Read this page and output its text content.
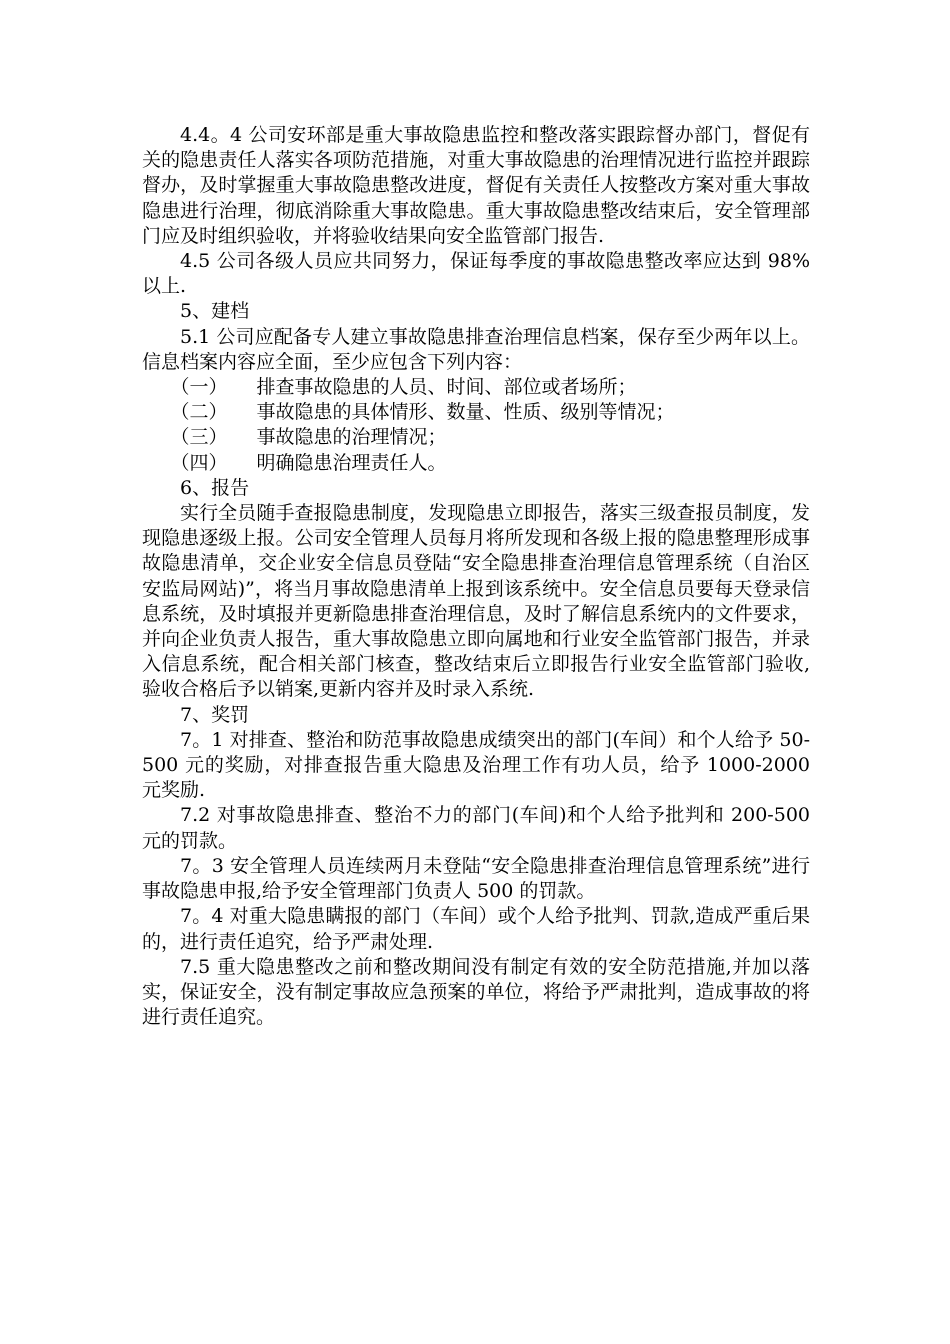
4.4。4 公司安环部是重大事故隐患监控和整改落实跟踪督办部门，督促有关的隐患责任人落实各项防范措施，对重大事故隐患的治理情况进行监控并跟踪督办，及时掌握重大事故隐患整改进度，督促有关责任人按整改方案对重大事故隐患进行治理，彻底消除重大事故隐患。重大事故隐患整改结束后，安全管理部门应及时组织验收，并将验收结果向安全监管部门报告.

4.5 公司各级人员应共同努力，保证每季度的事故隐患整改率应达到 98%以上.

5、建档

5.1 公司应配备专人建立事故隐患排查治理信息档案，保存至少两年以上。信息档案内容应全面，至少应包含下列内容：

（一）	排查事故隐患的人员、时间、部位或者场所；
（二）	事故隐患的具体情形、数量、性质、级别等情况；
（三）	事故隐患的治理情况；
（四）	明确隐患治理责任人。

6、报告

实行全员随手查报隐患制度，发现隐患立即报告，落实三级查报员制度，发现隐患逐级上报。公司安全管理人员每月将所发现和各级上报的隐患整理形成事故隐患清单，交企业安全信息员登陆“安全隐患排查治理信息管理系统（自治区安监局网站)”，将当月事故隐患清单上报到该系统中。安全信息员要每天登录信息系统，及时填报并更新隐患排查治理信息，及时了解信息系统内的文件要求，并向企业负责人报告，重大事故隐患立即向属地和行业安全监管部门报告，并录入信息系统，配合相关部门核查，整改结束后立即报告行业安全监管部门验收,验收合格后予以销案,更新内容并及时录入系统.

7、奖罚

7。1 对排查、整治和防范事故隐患成绩突出的部门(车间）和个人给予 50-500 元的奖励，对排查报告重大隐患及治理工作有功人员，给予 1000-2000 元奖励.

7.2 对事故隐患排查、整治不力的部门(车间)和个人给予批判和 200-500 元的罚款。

7。3 安全管理人员连续两月未登陆“安全隐患排查治理信息管理系统”进行事故隐患申报,给予安全管理部门负责人 500 的罚款。

7。4 对重大隐患瞒报的部门（车间）或个人给予批判、罚款,造成严重后果的，进行责任追究，给予严肃处理.

7.5 重大隐患整改之前和整改期间没有制定有效的安全防范措施,并加以落实，保证安全，没有制定事故应急预案的单位，将给予严肃批判，造成事故的将进行责任追究。
